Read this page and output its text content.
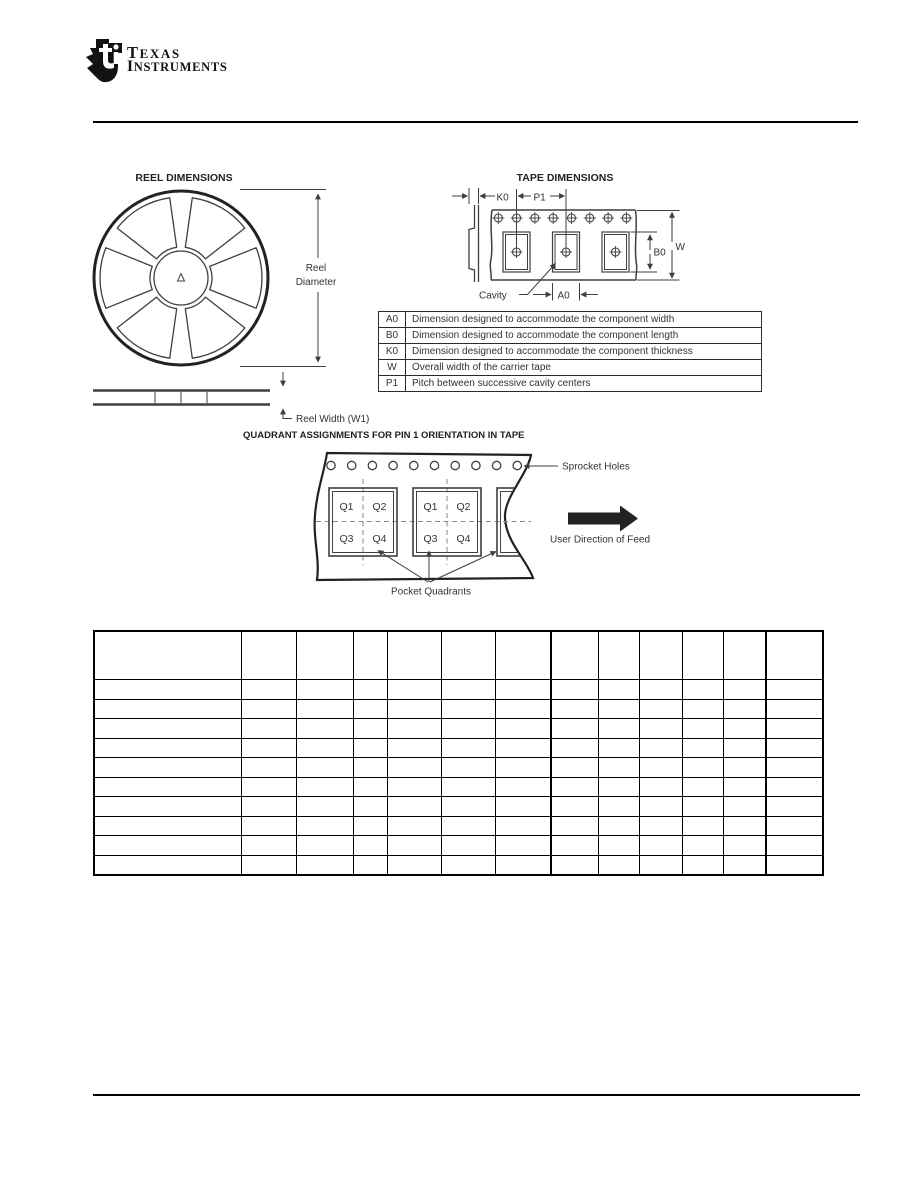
TEXAS
INSTRUMENTS
REEL DIMENSIONS
Reel
Diameter
Reel Width (W1)
TAPE DIMENSIONS
K0 P1
B0 W
A0
Cavity
QUADRANT ASSIGNMENTS FOR PIN 1 ORIENTATION IN TAPE
Sprocket Holes
Q1 Q2
Q3 Q4
Q1 Q2
Q3 Q4
Pocket Quadrants
User Direction of Feed
A0	Dimension designed to accommodate the component width
B0	Dimension designed to accommodate the component length
K0	Dimension designed to accommodate the component thickness
W	Overall width of the carrier tape
P1	Pitch between successive cavity centers
